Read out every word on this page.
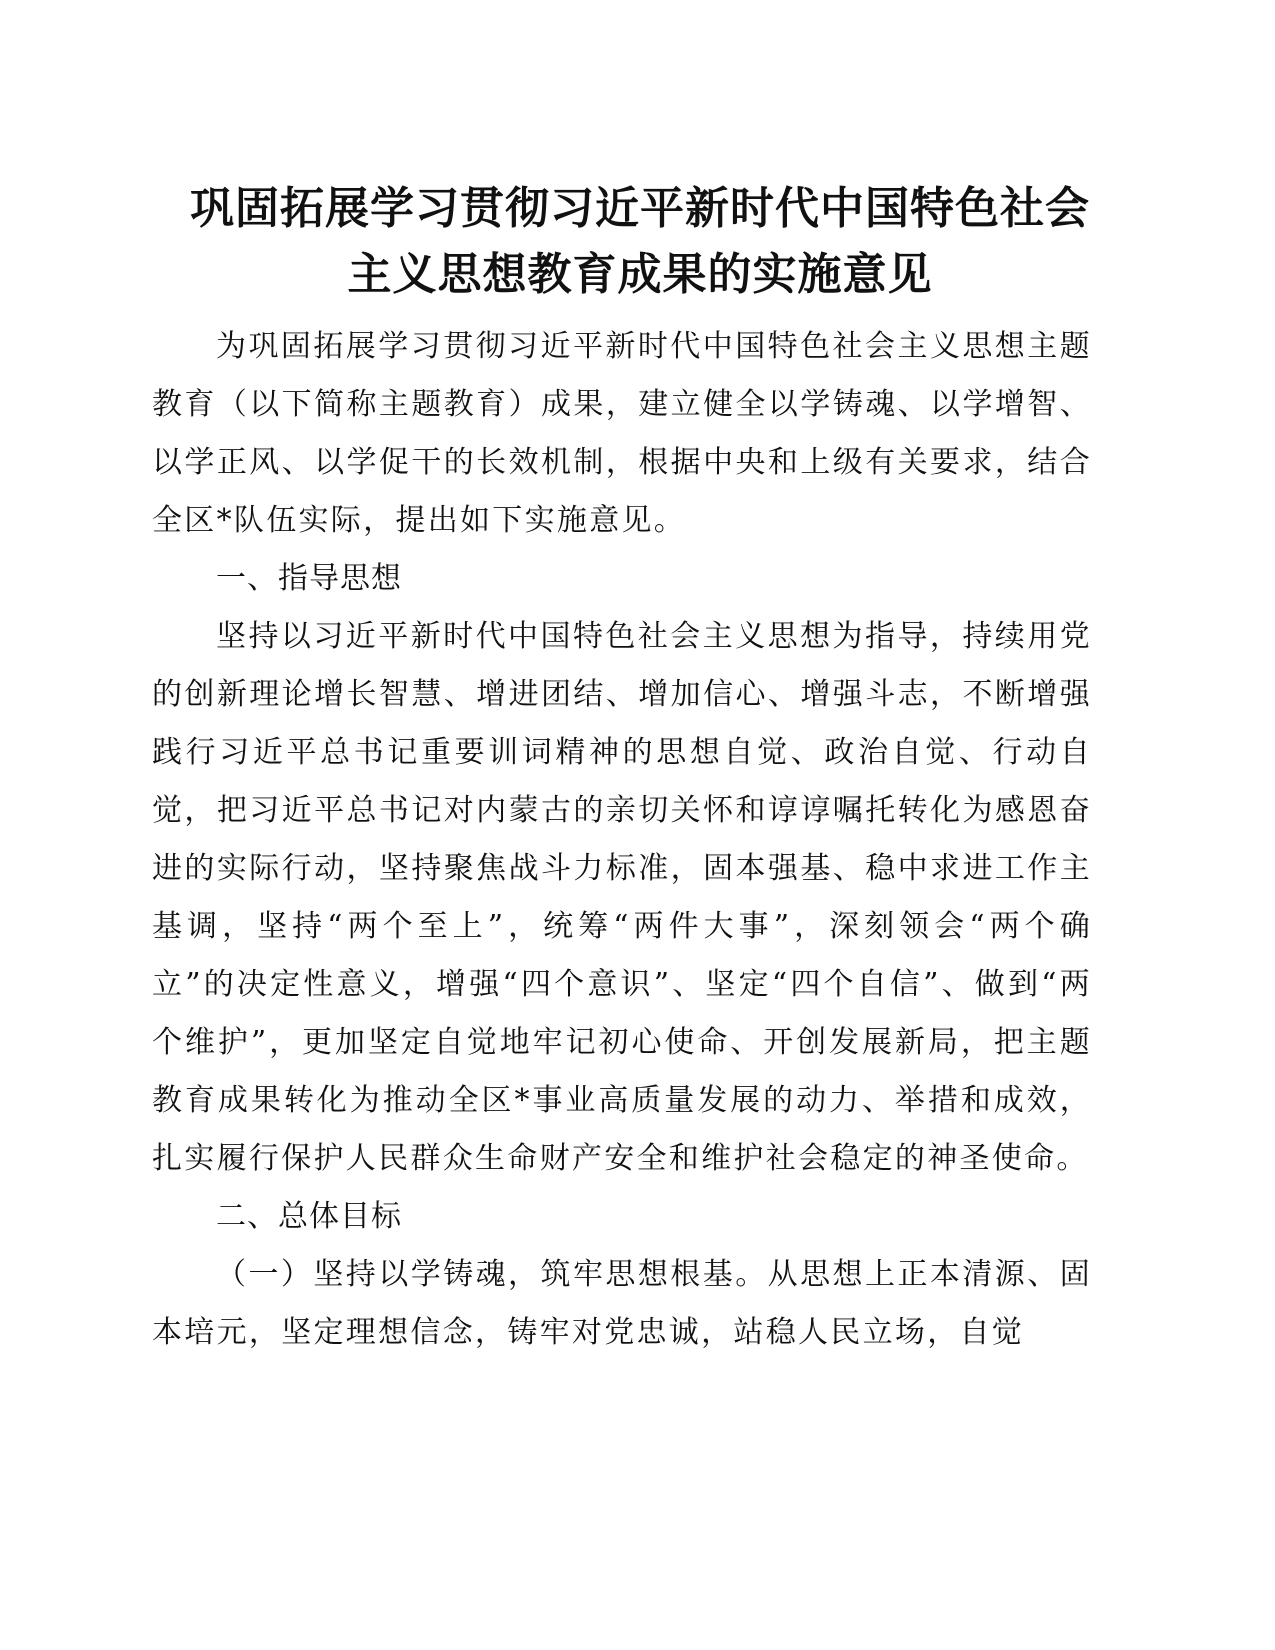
巩固拓展学习贯彻习近平新时代中国特色社会
主义思想教育成果的实施意见

为巩固拓展学习贯彻习近平新时代中国特色社会主义思想主题教育（以下简称主题教育）成果，建立健全以学铸魂、以学增智、以学正风、以学促干的长效机制，根据中央和上级有关要求，结合全区*队伍实际，提出如下实施意见。

一、指导思想

坚持以习近平新时代中国特色社会主义思想为指导，持续用党的创新理论增长智慧、增进团结、增加信心、增强斗志，不断增强践行习近平总书记重要训词精神的思想自觉、政治自觉、行动自觉，把习近平总书记对内蒙古的亲切关怀和谆谆嘱托转化为感恩奋进的实际行动，坚持聚焦战斗力标准，固本强基、稳中求进工作主基调，坚持“两个至上”，统筹“两件大事”，深刻领会“两个确立”的决定性意义，增强“四个意识”、坚定“四个自信”、做到“两个维护”，更加坚定自觉地牢记初心使命、开创发展新局，把主题教育成果转化为推动全区*事业高质量发展的动力、举措和成效，扎实履行保护人民群众生命财产安全和维护社会稳定的神圣使命。

二、总体目标

（一）坚持以学铸魂，筑牢思想根基。从思想上正本清源、固本培元，坚定理想信念，铸牢对党忠诚，站稳人民立场，自觉
